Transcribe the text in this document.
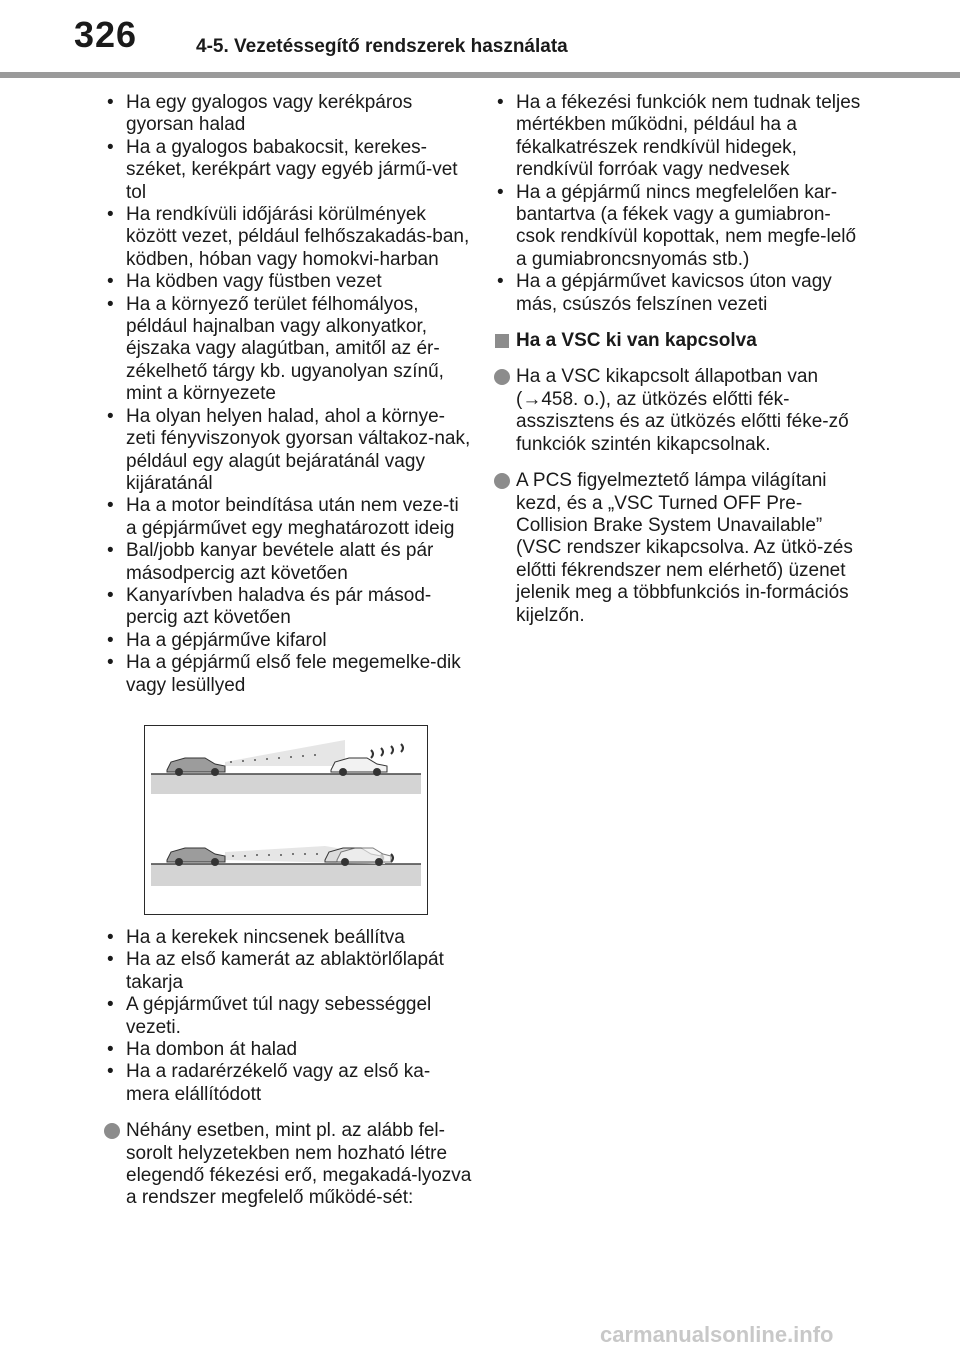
326	4-5. Vezetéssegítő rendszerek használata
• Ha egy gyalogos vagy kerékpáros gyorsan halad
• Ha a gyalogos babakocsit, kerekes-széket, kerékpárt vagy egyéb jármű-vet tol
• Ha rendkívüli időjárási körülmények között vezet, például felhőszakadás-ban, ködben, hóban vagy homokvi-harban
• Ha ködben vagy füstben vezet
• Ha a környező terület félhomályos, például hajnalban vagy alkonyatkor, éjszaka vagy alagútban, amitől az ér-zékelhető tárgy kb. ugyanolyan színű, mint a környezete
• Ha olyan helyen halad, ahol a környe-zeti fényviszonyok gyorsan váltakoz-nak, például egy alagút bejáratánál vagy kijáratánál
• Ha a motor beindítása után nem veze-ti a gépjárművet egy meghatározott ideig
• Bal/jobb kanyar bevétele alatt és pár másodpercig azt követően
• Kanyarívben haladva és pár másod-percig azt követően
• Ha a gépjárműve kifarol
• Ha a gépjármű első fele megemelke-dik vagy lesüllyed
• Ha a kerekek nincsenek beállítva
• Ha az első kamerát az ablaktörlőlapát takarja
• A gépjárművet túl nagy sebességgel vezeti.
• Ha dombon át halad
• Ha a radarérzékelő vagy az első ka-mera elállítódott
Néhány esetben, mint pl. az alább fel-sorolt helyzetekben nem hozható létre elegendő fékezési erő, megakadá-lyozva a rendszer megfelelő működé-sét:
• Ha a fékezési funkciók nem tudnak teljes mértékben működni, például ha a fékalkatrészek rendkívül hidegek, rendkívül forróak vagy nedvesek
• Ha a gépjármű nincs megfelelően kar-bantartva (a fékek vagy a gumiabron-csok rendkívül kopottak, nem megfe-lelő a gumiabroncsnyomás stb.)
• Ha a gépjárművet kavicsos úton vagy más, csúszós felszínen vezeti
Ha a VSC ki van kapcsolva
Ha a VSC kikapcsolt állapotban van (→458. o.), az ütközés előtti fék-asszisztens és az ütközés előtti féke-ző funkciók szintén kikapcsolnak.
A PCS figyelmeztető lámpa világítani kezd, és a „VSC Turned OFF Pre-Collision Brake System Unavailable” (VSC rendszer kikapcsolva. Az ütkö-zés előtti fékrendszer nem elérhető) üzenet jelenik meg a többfunkciós in-formációs kijelzőn.
carmanualsonline.info
